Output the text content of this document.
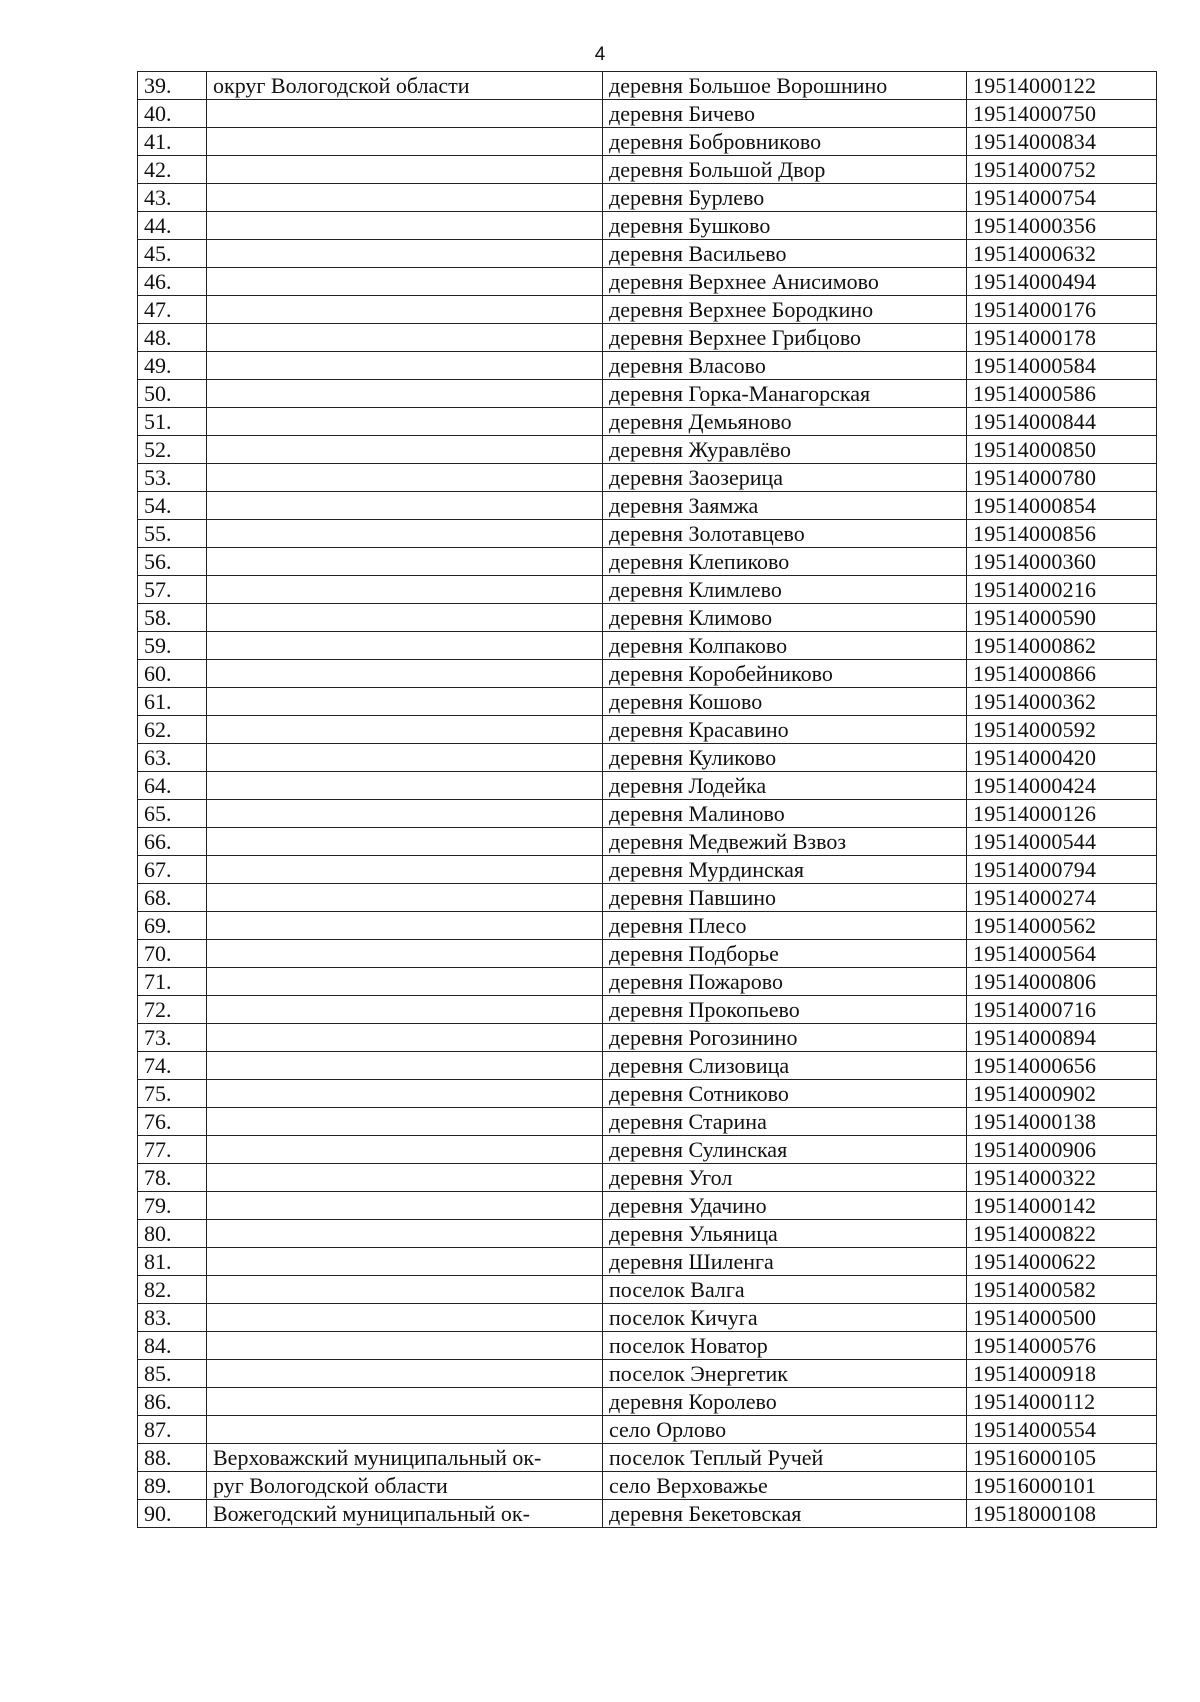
4
39.	округ Вологодской области	деревня Большое Ворошнино	19514000122
40.		деревня Бичево	19514000750
41.		деревня Бобровниково	19514000834
42.		деревня Большой Двор	19514000752
43.		деревня Бурлево	19514000754
44.		деревня Бушково	19514000356
45.		деревня Васильево	19514000632
46.		деревня Верхнее Анисимово	19514000494
47.		деревня Верхнее Бородкино	19514000176
48.		деревня Верхнее Грибцово	19514000178
49.		деревня Власово	19514000584
50.		деревня Горка-Манагорская	19514000586
51.		деревня Демьяново	19514000844
52.		деревня Журавлёво	19514000850
53.		деревня Заозерица	19514000780
54.		деревня Заямжа	19514000854
55.		деревня Золотавцево	19514000856
56.		деревня Клепиково	19514000360
57.		деревня Климлево	19514000216
58.		деревня Климово	19514000590
59.		деревня Колпаково	19514000862
60.		деревня Коробейниково	19514000866
61.		деревня Кошово	19514000362
62.		деревня Красавино	19514000592
63.		деревня Куликово	19514000420
64.		деревня Лодейка	19514000424
65.		деревня Малиново	19514000126
66.		деревня Медвежий Взвоз	19514000544
67.		деревня Мурдинская	19514000794
68.		деревня Павшино	19514000274
69.		деревня Плесо	19514000562
70.		деревня Подборье	19514000564
71.		деревня Пожарово	19514000806
72.		деревня Прокопьево	19514000716
73.		деревня Рогозинино	19514000894
74.		деревня Слизовица	19514000656
75.		деревня Сотниково	19514000902
76.		деревня Старина	19514000138
77.		деревня Сулинская	19514000906
78.		деревня Угол	19514000322
79.		деревня Удачино	19514000142
80.		деревня Ульяница	19514000822
81.		деревня Шиленга	19514000622
82.		поселок Валга	19514000582
83.		поселок Кичуга	19514000500
84.		поселок Новатор	19514000576
85.		поселок Энергетик	19514000918
86.		деревня Королево	19514000112
87.		село Орлово	19514000554
88.	Верховажский муниципальный ок-	поселок Теплый Ручей	19516000105
89.	руг Вологодской области	село Верховажье	19516000101
90.	Вожегодский муниципальный ок-	деревня Бекетовская	19518000108
